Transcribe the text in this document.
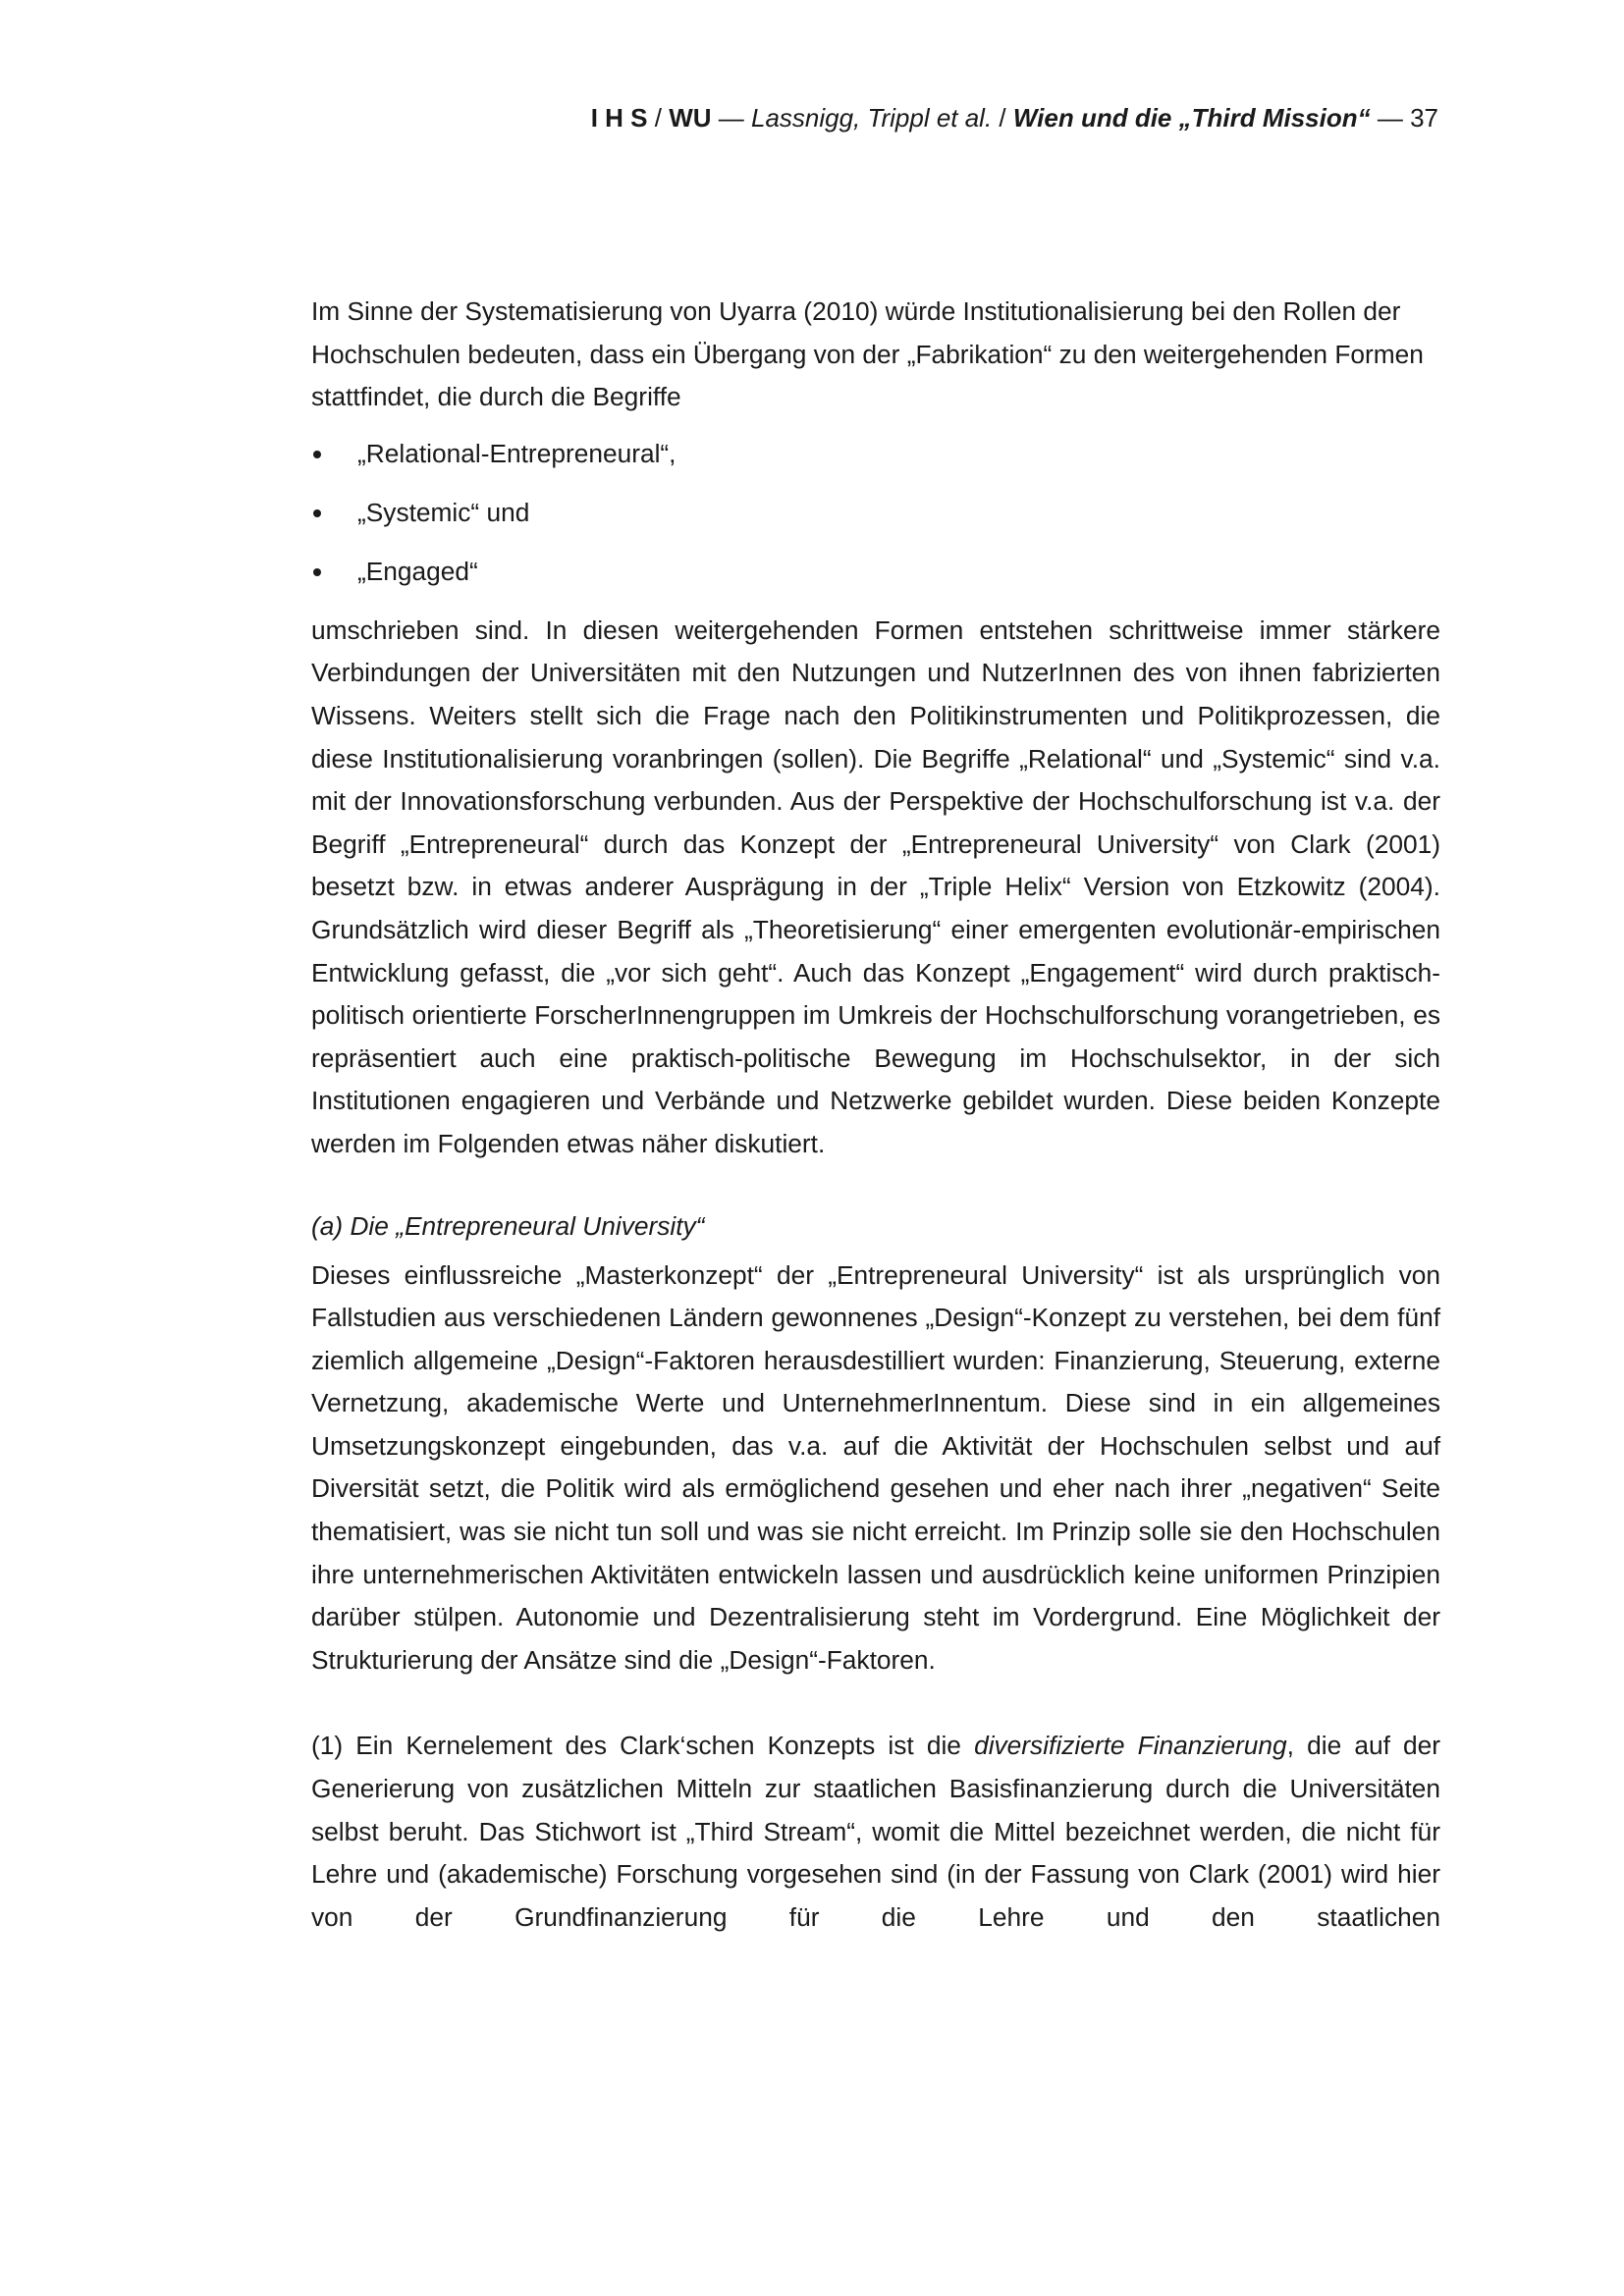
I H S / WU — Lassnigg, Trippl et al. / Wien und die „Third Mission“ — 37

Im Sinne der Systematisierung von Uyarra (2010) würde Institutionalisierung bei den Rollen der Hochschulen bedeuten, dass ein Übergang von der „Fabrikation“ zu den weitergehenden Formen stattfindet, die durch die Begriffe

„Relational-Entrepreneural“,
„Systemic“ und
„Engaged“

umschrieben sind. In diesen weitergehenden Formen entstehen schrittweise immer stärkere Verbindungen der Universitäten mit den Nutzungen und NutzerInnen des von ihnen fabrizierten Wissens. Weiters stellt sich die Frage nach den Politikinstrumenten und Politikprozessen, die diese Institutionalisierung voranbringen (sollen). Die Begriffe „Relational“ und „Systemic“ sind v.a. mit der Innovationsforschung verbunden. Aus der Perspektive der Hochschulforschung ist v.a. der Begriff „Entrepreneural“ durch das Konzept der „Entrepreneural University“ von Clark (2001) besetzt bzw. in etwas anderer Ausprägung in der „Triple Helix“ Version von Etzkowitz (2004). Grundsätzlich wird dieser Begriff als „Theoretisierung“ einer emergenten evolutionär-empirischen Entwicklung gefasst, die „vor sich geht“. Auch das Konzept „Engagement“ wird durch praktisch-politisch orientierte ForscherInnengruppen im Umkreis der Hochschulforschung vorangetrieben, es repräsentiert auch eine praktisch-politische Bewegung im Hochschulsektor, in der sich Institutionen engagieren und Verbände und Netzwerke gebildet wurden. Diese beiden Konzepte werden im Folgenden etwas näher diskutiert.

(a) Die „Entrepreneural University“

Dieses einflussreiche „Masterkonzept“ der „Entrepreneural University“ ist als ursprünglich von Fallstudien aus verschiedenen Ländern gewonnenes „Design“-Konzept zu verstehen, bei dem fünf ziemlich allgemeine „Design“-Faktoren herausdestilliert wurden: Finanzierung, Steuerung, externe Vernetzung, akademische Werte und UnternehmerInnentum. Diese sind in ein allgemeines Umsetzungskonzept eingebunden, das v.a. auf die Aktivität der Hochschulen selbst und auf Diversität setzt, die Politik wird als ermöglichend gesehen und eher nach ihrer „negativen“ Seite thematisiert, was sie nicht tun soll und was sie nicht erreicht. Im Prinzip solle sie den Hochschulen ihre unternehmerischen Aktivitäten entwickeln lassen und ausdrücklich keine uniformen Prinzipien darüber stülpen. Autonomie und Dezentralisierung steht im Vordergrund. Eine Möglichkeit der Strukturierung der Ansätze sind die „Design“-Faktoren.

(1) Ein Kernelement des Clark‘schen Konzepts ist die diversifizierte Finanzierung, die auf der Generierung von zusätzlichen Mitteln zur staatlichen Basisfinanzierung durch die Universitäten selbst beruht. Das Stichwort ist „Third Stream“, womit die Mittel bezeichnet werden, die nicht für Lehre und (akademische) Forschung vorgesehen sind (in der Fassung von Clark (2001) wird hier von der Grundfinanzierung für die Lehre und den staatlichen
